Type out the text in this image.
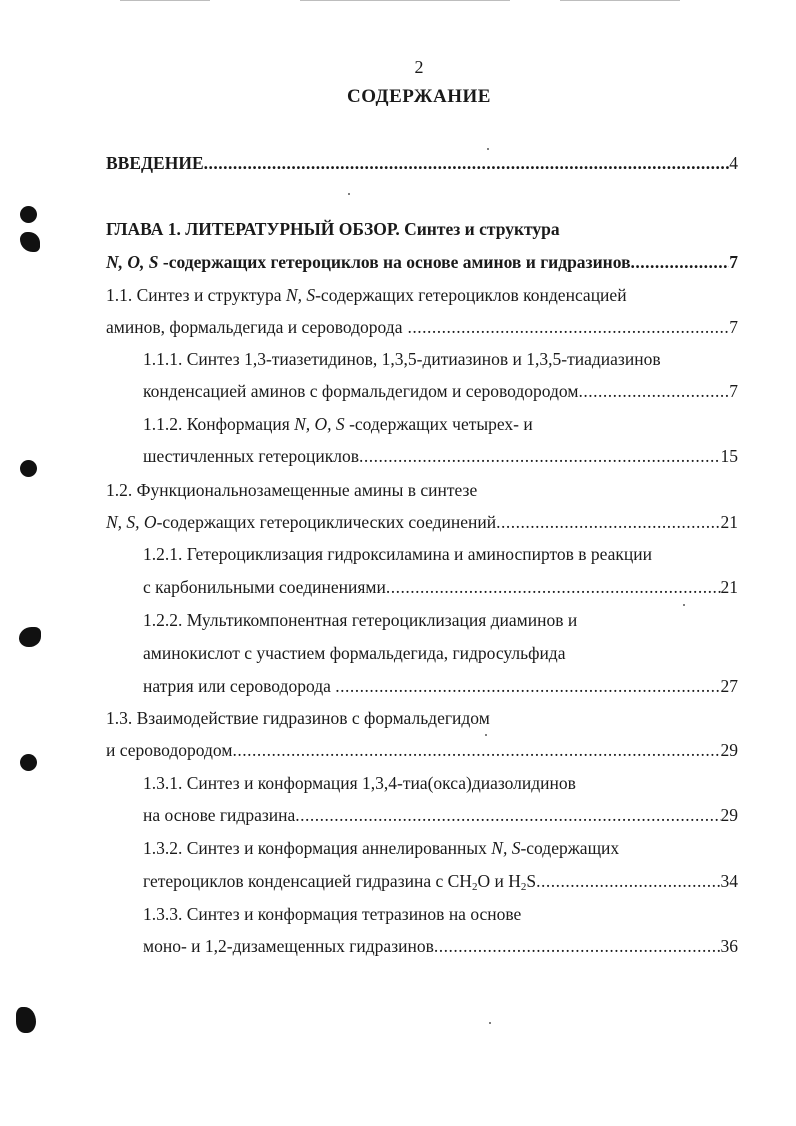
2
СОДЕРЖАНИЕ
ВВЕДЕНИЕ .....	4
ГЛАВА 1. ЛИТЕРАТУРНЫЙ ОБЗОР. Синтез и структура
N, O, S -содержащих гетероциклов на основе аминов и гидразинов .....	7
1.1. Синтез и структура N, S-содержащих гетероциклов конденсацией
аминов, формальдегида и сероводорода .....	7
1.1.1. Синтез 1,3-тиазетидинов, 1,3,5-дитиазинов и 1,3,5-тиадиазинов
конденсацией аминов с формальдегидом и сероводородом .....	7
1.1.2. Конформация N, O, S -содержащих четырех- и
шестичленных гетероциклов .....	15
1.2. Функциональнозамещенные амины в синтезе
N, S, O-содержащих гетероциклических соединений .....	21
1.2.1. Гетероциклизация гидроксиламина и аминоспиртов в реакции
с карбонильными соединениями .....	21
1.2.2. Мультикомпонентная гетероциклизация диаминов и
аминокислот с участием формальдегида, гидросульфида
натрия или сероводорода .....	27
1.3. Взаимодействие гидразинов с формальдегидом
и сероводородом .....	29
1.3.1. Синтез и конформация 1,3,4-тиа(окса)диазолидинов
на основе гидразина .....	29
1.3.2. Синтез и конформация аннелированных N, S-содержащих
гетероциклов конденсацией гидразина с $CH_2O$ и $H_2S$ .....	34
1.3.3. Синтез и конформация тетразинов на основе
моно- и 1,2-дизамещенных гидразинов .....	36
